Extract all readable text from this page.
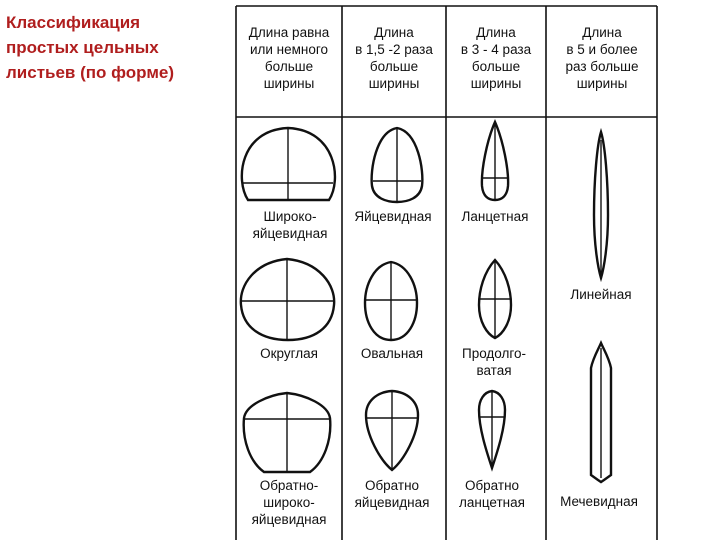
Классификация
простых цельных
листьев (по форме)
Длина равна
или немного
больше
ширины
Длина
в 1,5 -2 раза
больше
ширины
Длина
в 3 - 4 раза
больше
ширины
Длина
в 5 и более
раз больше
ширины
Широко-
яйцевидная
Яйцевидная Ланцетная
Линейная
Округлая	Овальная	Продолго-
ватая
Мечевидная
Обратно-
широко-
яйцевидная
Обратно
яйцевидная
Обратно
ланцетная
